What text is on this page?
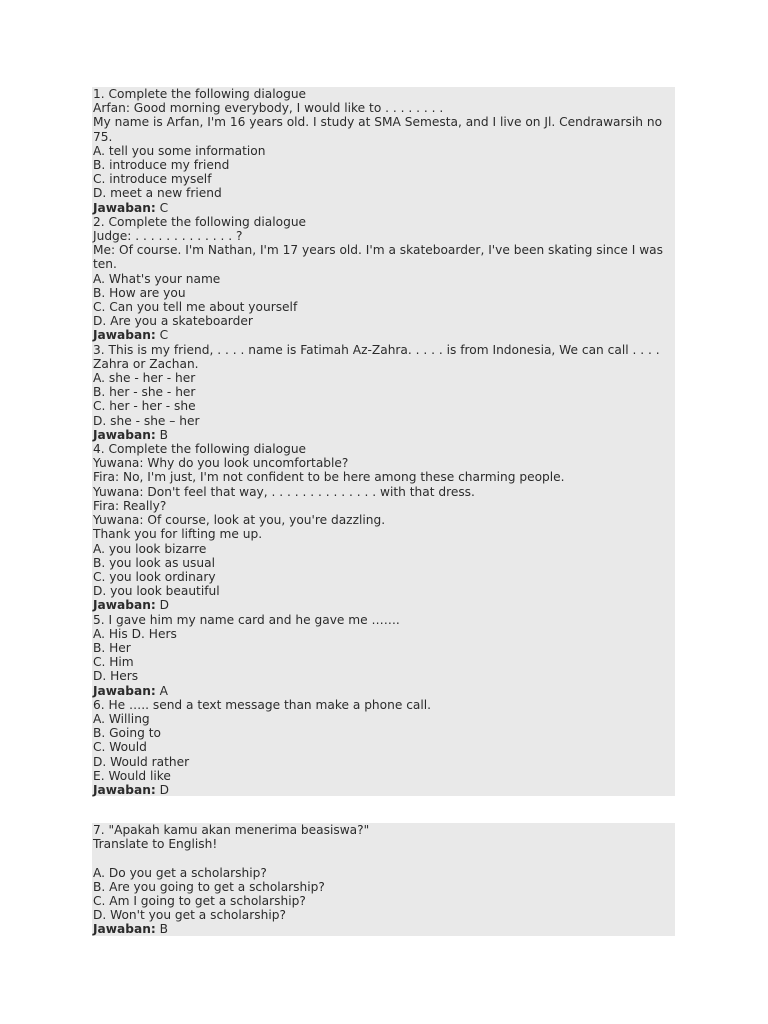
1. Complete the following dialogue
Arfan: Good morning everybody, I would like to . . . . . . . .
My name is Arfan, I'm 16 years old. I study at SMA Semesta, and I live on Jl. Cendrawarsih no 75.
A. tell you some information
B. introduce my friend
C. introduce myself
D. meet a new friend
Jawaban: C
2. Complete the following dialogue
Judge: . . . . . . . . . . . . . ?
Me: Of course. I'm Nathan, I'm 17 years old. I'm a skateboarder, I've been skating since I was ten.
A. What's your name
B. How are you
C. Can you tell me about yourself
D. Are you a skateboarder
Jawaban: C
3. This is my friend, . . . . name is Fatimah Az-Zahra. . . . . is from Indonesia, We can call . . . . Zahra or Zachan.
A. she - her - her
B. her - she - her
C. her - her - she
D. she - she – her
Jawaban: B
4. Complete the following dialogue
Yuwana: Why do you look uncomfortable?
Fira: No, I'm just, I'm not confident to be here among these charming people.
Yuwana: Don't feel that way, . . . . . . . . . . . . . . with that dress.
Fira: Really?
Yuwana: Of course, look at you, you're dazzling.
Thank you for lifting me up.
A. you look bizarre
B. you look as usual
C. you look ordinary
D. you look beautiful
Jawaban: D
5. I gave him my name card and he gave me …….
A. His D. Hers
B. Her
C. Him
D. Hers
Jawaban: A
6. He ….. send a text message than make a phone call.
A. Willing
B. Going to
C. Would
D. Would rather
E. Would like
Jawaban: D
7. "Apakah kamu akan menerima beasiswa?"
Translate to English!
A. Do you get a scholarship?
B. Are you going to get a scholarship?
C. Am I going to get a scholarship?
D. Won't you get a scholarship?
Jawaban: B
